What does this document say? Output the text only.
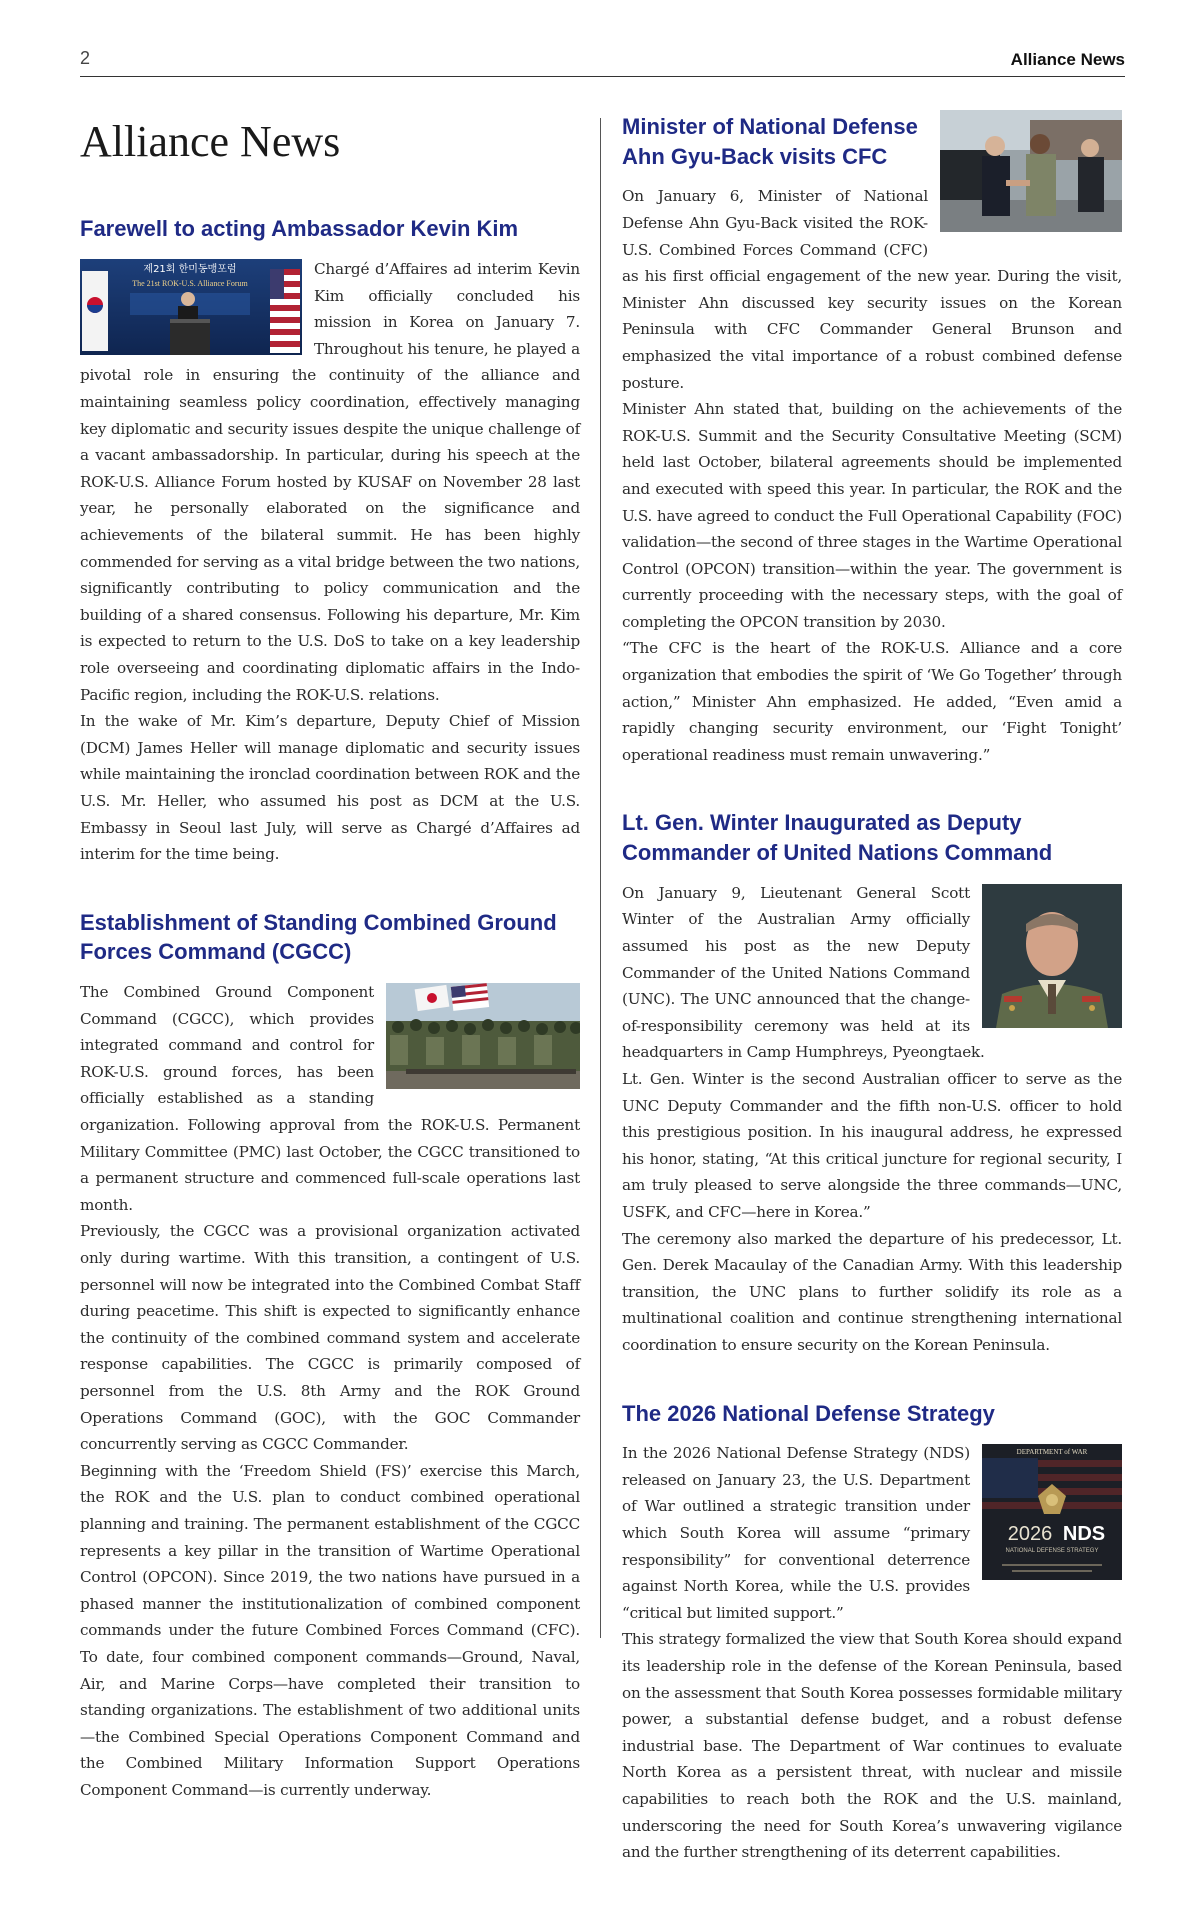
2	Alliance News
Alliance News
Farewell to acting Ambassador Kevin Kim
제21회 한미동맹포럼
The 21st ROK-U.S. Alliance Forum

Chargé d’Affaires ad interim Kevin Kim officially concluded his mission in Korea on January 7. Throughout his tenure, he played a pivotal role in ensuring the continuity of the alliance and maintaining seamless policy coordination, effectively managing key diplomatic and security issues despite the unique challenge of a vacant ambassadorship. In particular, during his speech at the ROK-U.S. Alliance Forum hosted by KUSAF on November 28 last year, he personally elaborated on the significance and achievements of the bilateral summit. He has been highly commended for serving as a vital bridge between the two nations, significantly contributing to policy communication and the building of a shared consensus. Following his departure, Mr. Kim is expected to return to the U.S. DoS to take on a key leadership role overseeing and coordinating diplomatic affairs in the Indo-Pacific region, including the ROK-U.S. relations.

In the wake of Mr. Kim’s departure, Deputy Chief of Mission (DCM) James Heller will manage diplomatic and security issues while maintaining the ironclad coordination between ROK and the U.S. Mr. Heller, who assumed his post as DCM at the U.S. Embassy in Seoul last July, will serve as Chargé d’Affaires ad interim for the time being.

Establishment of Standing Combined Ground Forces Command (CGCC)

The Combined Ground Component Command (CGCC), which provides integrated command and control for ROK-U.S. ground forces, has been officially established as a standing organization. Following approval from the ROK-U.S. Permanent Military Committee (PMC) last October, the CGCC transitioned to a permanent structure and commenced full-scale operations last month.

Previously, the CGCC was a provisional organization activated only during wartime. With this transition, a contingent of U.S. personnel will now be integrated into the Combined Combat Staff during peacetime. This shift is expected to significantly enhance the continuity of the combined command system and accelerate response capabilities. The CGCC is primarily composed of personnel from the U.S. 8th Army and the ROK Ground Operations Command (GOC), with the GOC Commander concurrently serving as CGCC Commander.

Beginning with the ‘Freedom Shield (FS)’ exercise this March, the ROK and the U.S. plan to conduct combined operational planning and training. The permanent establishment of the CGCC represents a key pillar in the transition of Wartime Operational Control (OPCON). Since 2019, the two nations have pursued in a phased manner the institutionalization of combined component commands under the future Combined Forces Command (CFC). To date, four combined component commands—Ground, Naval, Air, and Marine Corps—have completed their transition to standing organizations. The establishment of two additional units—the Combined Special Operations Component Command and the Combined Military Information Support Operations Component Command—is currently underway.

Minister of National Defense Ahn Gyu-Back visits CFC

On January 6, Minister of National Defense Ahn Gyu-Back visited the ROK-U.S. Combined Forces Command (CFC) as his first official engagement of the new year. During the visit, Minister Ahn discussed key security issues on the Korean Peninsula with CFC Commander General Brunson and emphasized the vital importance of a robust combined defense posture.

Minister Ahn stated that, building on the achievements of the ROK-U.S. Summit and the Security Consultative Meeting (SCM) held last October, bilateral agreements should be implemented and executed with speed this year. In particular, the ROK and the U.S. have agreed to conduct the Full Operational Capability (FOC) validation—the second of three stages in the Wartime Operational Control (OPCON) transition—within the year. The government is currently proceeding with the necessary steps, with the goal of completing the OPCON transition by 2030.

“The CFC is the heart of the ROK-U.S. Alliance and a core organization that embodies the spirit of ‘We Go Together’ through action,” Minister Ahn emphasized. He added, “Even amid a rapidly changing security environment, our ‘Fight Tonight’ operational readiness must remain unwavering.”

Lt. Gen. Winter Inaugurated as Deputy Commander of United Nations Command

On January 9, Lieutenant General Scott Winter of the Australian Army officially assumed his post as the new Deputy Commander of the United Nations Command (UNC). The UNC announced that the change-of-responsibility ceremony was held at its headquarters in Camp Humphreys, Pyeongtaek.

Lt. Gen. Winter is the second Australian officer to serve as the UNC Deputy Commander and the fifth non-U.S. officer to hold this prestigious position. In his inaugural address, he expressed his honor, stating, “At this critical juncture for regional security, I am truly pleased to serve alongside the three commands—UNC, USFK, and CFC—here in Korea.”

The ceremony also marked the departure of his predecessor, Lt. Gen. Derek Macaulay of the Canadian Army. With this leadership transition, the UNC plans to further solidify its role as a multinational coalition and continue strengthening international coordination to ensure security on the Korean Peninsula.

The 2026 National Defense Strategy
DEPARTMENT of WAR
2026 NDS
NATIONAL DEFENSE STRATEGY

In the 2026 National Defense Strategy (NDS) released on January 23, the U.S. Department of War outlined a strategic transition under which South Korea will assume “primary responsibility” for conventional deterrence against North Korea, while the U.S. provides “critical but limited support.”

This strategy formalized the view that South Korea should expand its leadership role in the defense of the Korean Peninsula, based on the assessment that South Korea possesses formidable military power, a substantial defense budget, and a robust defense industrial base. The Department of War continues to evaluate North Korea as a persistent threat, with nuclear and missile capabilities to reach both the ROK and the U.S. mainland, underscoring the need for South Korea’s unwavering vigilance and the further strengthening of its deterrent capabilities.
